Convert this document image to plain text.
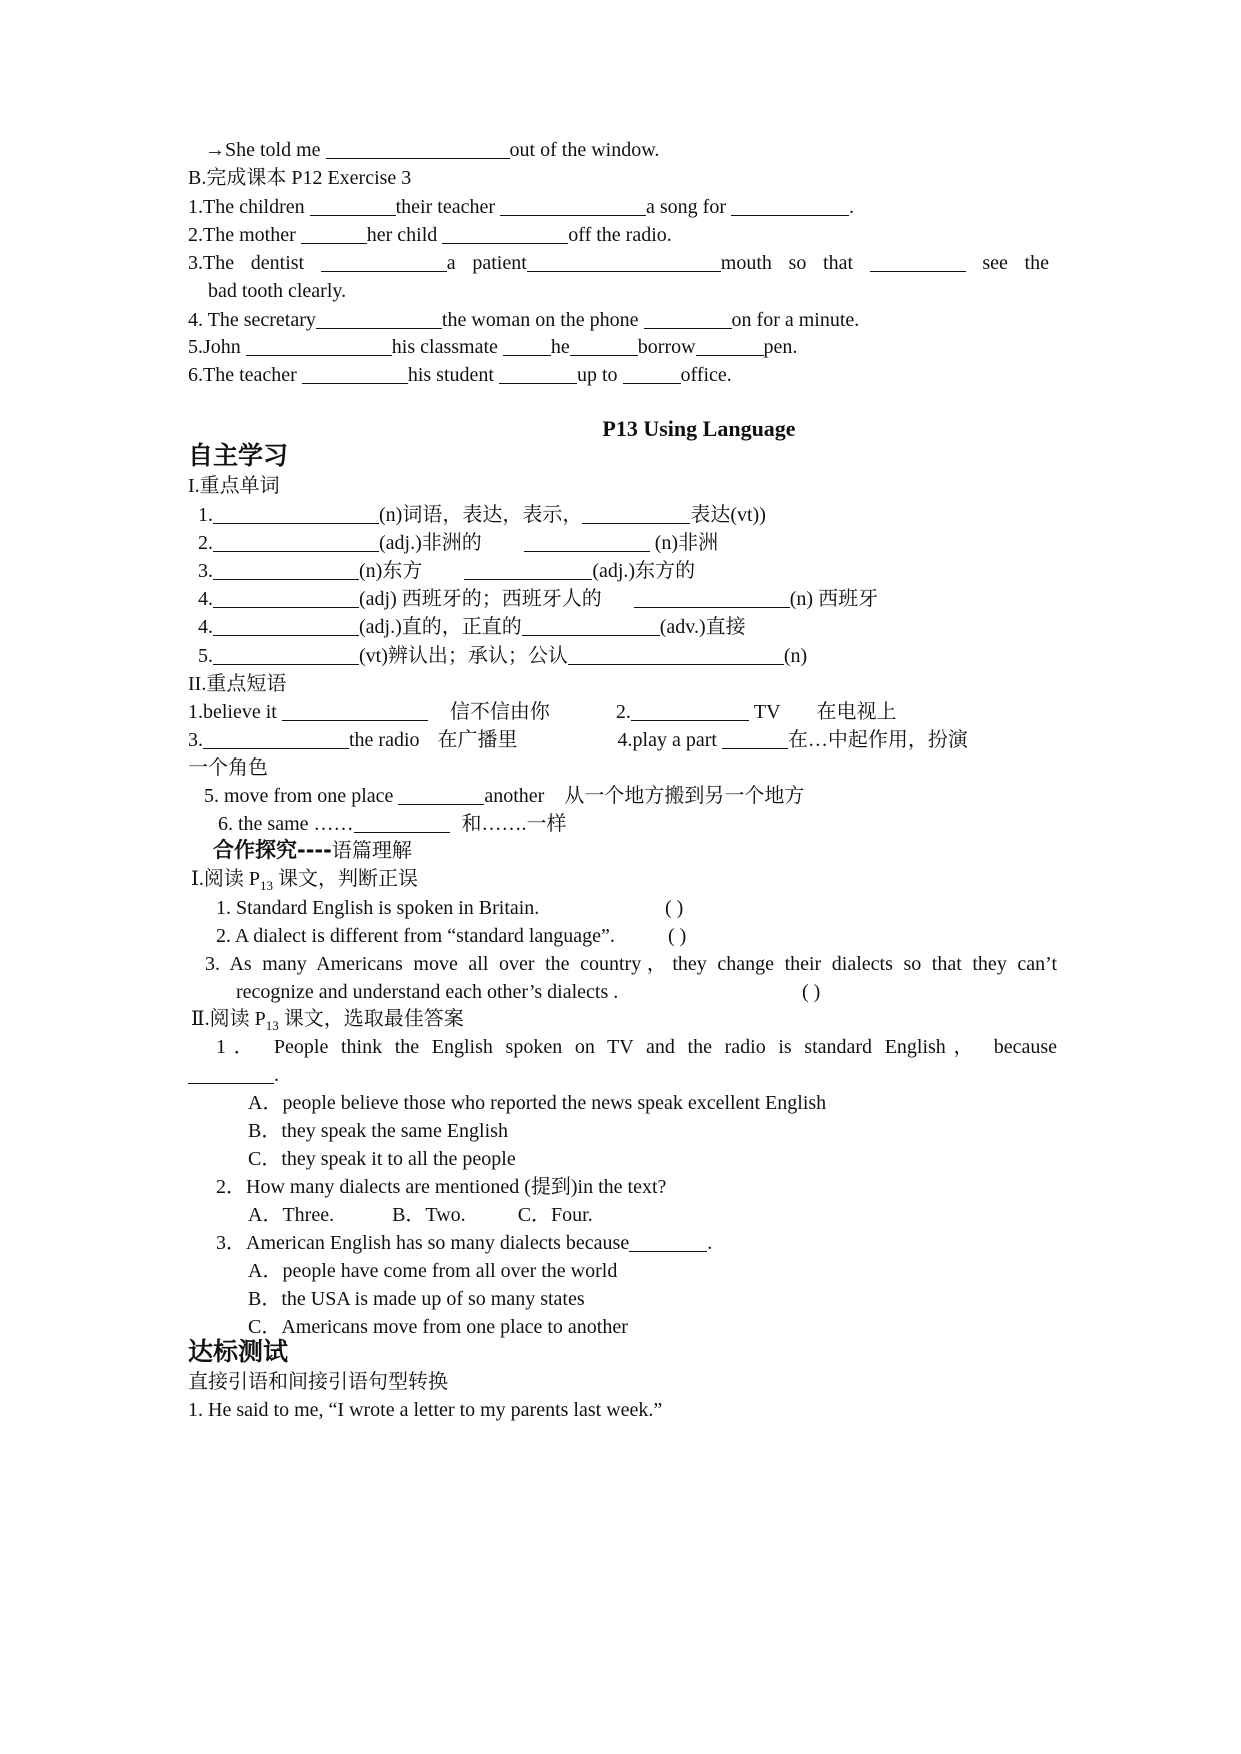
→She told me	out of the window.
B.完成课本 P12 Exercise 3
1.The children	their teacher	a song for	.
2.The mother	her child	off the radio.
3.The dentist	a patient	mouth so that	see the
bad tooth clearly.
4. The secretary	the woman on the phone	on for a minute.
5.John	his classmate he	borrow	pen.
6.The teacher	his student	up to	office.
P13 Using Language
自主学习
I.重点单词
1.	(n)词语，表达，表示，	表达(vt))
2.	(adj.)非洲的	(n)非洲
3.	(n)东方	(adj.)东方的
4.	(adj) 西班牙的；西班牙人的	(n) 西班牙
4.	(adj.)直的，正直的	(adv.)直接
5.	(vt)辨认出；承认；公认	(n)
II.重点短语
1.believe it	信不信由你	2.	TV 在电视上
3.	the radio 在广播里	4.play a part	在…中起作用，扮演
一个角色
5. move from one place	another 从一个地方搬到另一个地方
6. the same ……	和…….一样
合作探究----语篇理解
Ⅰ.阅读 $P_{13}$ 课文，判断正误
1. Standard English is spoken in Britain.	( )
2. A dialect is different from “standard language”.	( )
3. As many Americans move all over the country，they change their dialects so that they can’t
recognize and understand each other’s dialects .	( )
Ⅱ.阅读 $P_{13}$ 课文，选取最佳答案
1． People think the English spoken on TV and the radio is standard English， because
.
A．people believe those who reported the news speak excellent English
B．they speak the same English
C．they speak it to all the people
2．How many dialects are mentioned (提到)in the text?
A．Three.	B．Two.	C．Four.
3．American English has so many dialects because	.
A．people have come from all over the world
B．the USA is made up of so many states
C．Americans move from one place to another
达标测试
直接引语和间接引语句型转换
1. He said to me, “I wrote a letter to my parents last week.”
